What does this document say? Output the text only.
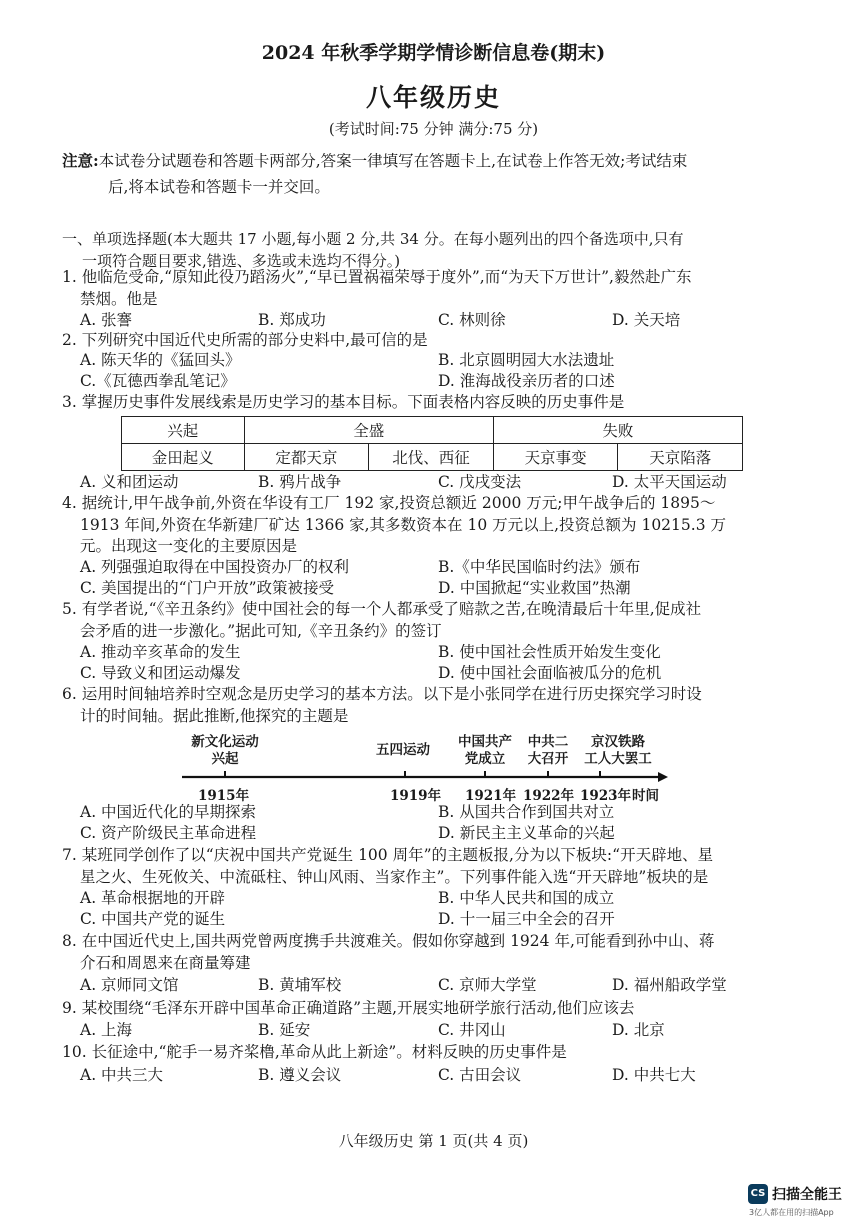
2024 年秋季学期学情诊断信息卷(期末)
八年级历史
(考试时间:75 分钟 满分:75 分)
注意:本试卷分试题卷和答题卡两部分,答案一律填写在答题卡上,在试卷上作答无效;考试结束
后,将本试卷和答题卡一并交回。
一、单项选择题(本大题共 17 小题,每小题 2 分,共 34 分。在每小题列出的四个备选项中,只有
一项符合题目要求,错选、多选或未选均不得分。)
1. 他临危受命,“原知此役乃蹈汤火”,“早已置祸福荣辱于度外”,而“为天下万世计”,毅然赴广东
禁烟。他是
A. 张謇	B. 郑成功	C. 林则徐	D. 关天培
2. 下列研究中国近代史所需的部分史料中,最可信的是
A. 陈天华的《猛回头》	B. 北京圆明园大水法遗址
C.《瓦德西拳乱笔记》	D. 淮海战役亲历者的口述
3. 掌握历史事件发展线索是历史学习的基本目标。下面表格内容反映的历史事件是
兴起	全盛		失败	
金田起义	定都天京	北伐、西征	天京事变	天京陷落
A. 义和团运动	B. 鸦片战争	C. 戊戌变法	D. 太平天国运动
4. 据统计,甲午战争前,外资在华设有工厂 192 家,投资总额近 2000 万元;甲午战争后的 1895～
1913 年间,外资在华新建厂矿达 1366 家,其多数资本在 10 万元以上,投资总额为 10215.3 万
元。出现这一变化的主要原因是
A. 列强强迫取得在中国投资办厂的权利	B.《中华民国临时约法》颁布
C. 美国提出的“门户开放”政策被接受	D. 中国掀起“实业救国”热潮
5. 有学者说,“《辛丑条约》使中国社会的每一个人都承受了赔款之苦,在晚清最后十年里,促成社
会矛盾的进一步激化。”据此可知,《辛丑条约》的签订
A. 推动辛亥革命的发生	B. 使中国社会性质开始发生变化
C. 导致义和团运动爆发	D. 使中国社会面临被瓜分的危机
6. 运用时间轴培养时空观念是历史学习的基本方法。以下是小张同学在进行历史探究学习时设
计的时间轴。据此推断,他探究的主题是
新文化运动
兴起
五四运动	中国共产
党成立
中共二
大召开
京汉铁路
工人大罢工
1915年	1919年 1921年 1922年 1923年 时间
A. 中国近代化的早期探索	B. 从国共合作到国共对立
C. 资产阶级民主革命进程	D. 新民主主义革命的兴起
7. 某班同学创作了以“庆祝中国共产党诞生 100 周年”的主题板报,分为以下板块:“开天辟地、星
星之火、生死攸关、中流砥柱、钟山风雨、当家作主”。下列事件能入选“开天辟地”板块的是
A. 革命根据地的开辟	B. 中华人民共和国的成立
C. 中国共产党的诞生	D. 十一届三中全会的召开
8. 在中国近代史上,国共两党曾两度携手共渡难关。假如你穿越到 1924 年,可能看到孙中山、蒋
介石和周恩来在商量筹建
A. 京师同文馆	B. 黄埔军校	C. 京师大学堂	D. 福州船政学堂
9. 某校围绕“毛泽东开辟中国革命正确道路”主题,开展实地研学旅行活动,他们应该去
A. 上海	B. 延安	C. 井冈山	D. 北京
10. 长征途中,“舵手一易齐桨橹,革命从此上新途”。材料反映的历史事件是
A. 中共三大	B. 遵义会议	C. 古田会议	D. 中共七大
八年级历史 第 1 页(共 4 页)
CS 扫描全能王
3亿人都在用的扫描App
